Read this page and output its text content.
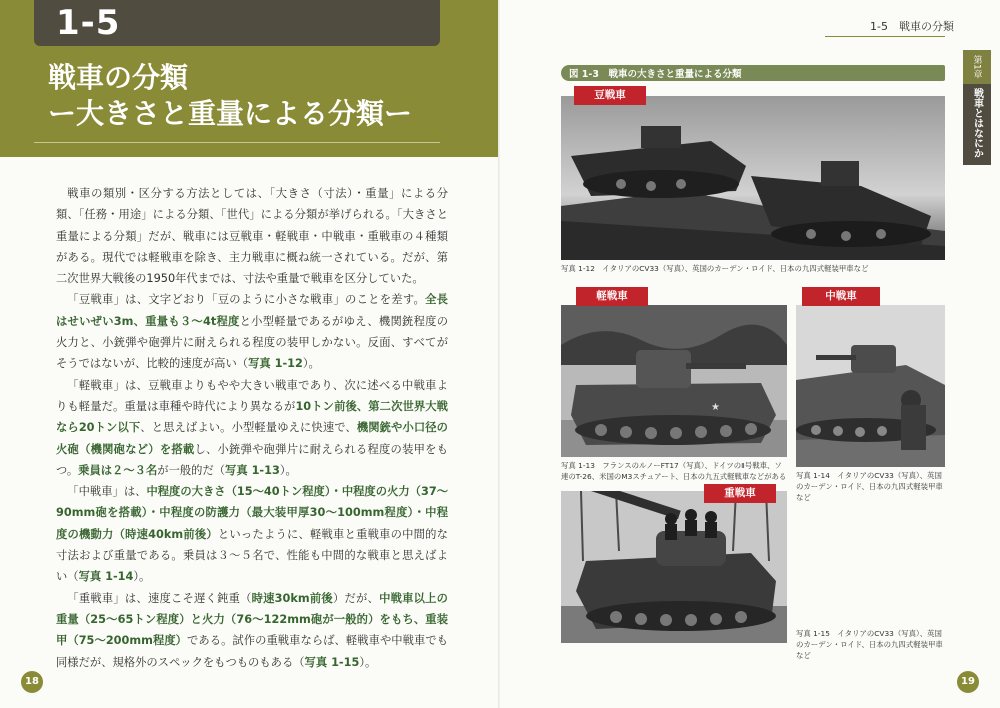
1-5
戦車の分類
ー大きさと重量による分類ー

戦車の類別・区分する方法としては、「大きさ（寸法）・重量」による分類、「任務・用途」による分類、「世代」による分類が挙げられる。「大きさと重量による分類」だが、戦車には豆戦車・軽戦車・中戦車・重戦車の４種類がある。現代では軽戦車を除き、主力戦車に概ね統一されている。だが、第二次世界大戦後の1950年代までは、寸法や重量で戦車を区分していた。

「豆戦車」は、文字どおり「豆のように小さな戦車」のことを差す。全長はせいぜい3m、重量も３～4t程度と小型軽量であるがゆえ、機関銃程度の火力と、小銃弾や砲弾片に耐えられる程度の装甲しかない。反面、すべてがそうではないが、比較的速度が高い（写真 1-12）。

「軽戦車」は、豆戦車よりもやや大きい戦車であり、次に述べる中戦車よりも軽量だ。重量は車種や時代により異なるが10トン前後、第二次世界大戦なら20トン以下、と思えばよい。小型軽量ゆえに快速で、機関銃や小口径の火砲（機関砲など）を搭載し、小銃弾や砲弾片に耐えられる程度の装甲をもつ。乗員は２～３名が一般的だ（写真 1-13）。

「中戦車」は、中程度の大きさ（15～40トン程度）・中程度の火力（37～90mm砲を搭載）・中程度の防護力（最大装甲厚30～100mm程度）・中程度の機動力（時速40km前後）といったように、軽戦車と重戦車の中間的な寸法および重量である。乗員は３～５名で、性能も中間的な戦車と思えばよい（写真 1-14）。

「重戦車」は、速度こそ遅く鈍重（時速30km前後）だが、中戦車以上の重量（25～65トン程度）と火力（76～122mm砲が一般的）をもち、重装甲（75～200mm程度）である。試作の重戦車ならば、軽戦車や中戦車でも同様だが、規格外のスペックをもつものもある（写真 1-15）。

18
1-5　戦車の分類
第1章
戦車とはなにか
図 1-3　戦車の大きさと重量による分類
豆戦車
写真 1-12　イタリアのCV33（写真）、英国のカーデン・ロイド、日本の九四式軽装甲車など
★
軽戦車
写真 1-13　フランスのルノーFT17（写真）、ドイツのⅡ号戦車、ソ連のT-26、米国のM3スチュアート、日本の九五式軽戦車などがある
中戦車
写真 1-14　イタリアのCV33（写真）、英国のカーデン・ロイド、日本の九四式軽装甲車など
重戦車
写真 1-15　イタリアのCV33（写真）、英国のカーデン・ロイド、日本の九四式軽装甲車など
19
